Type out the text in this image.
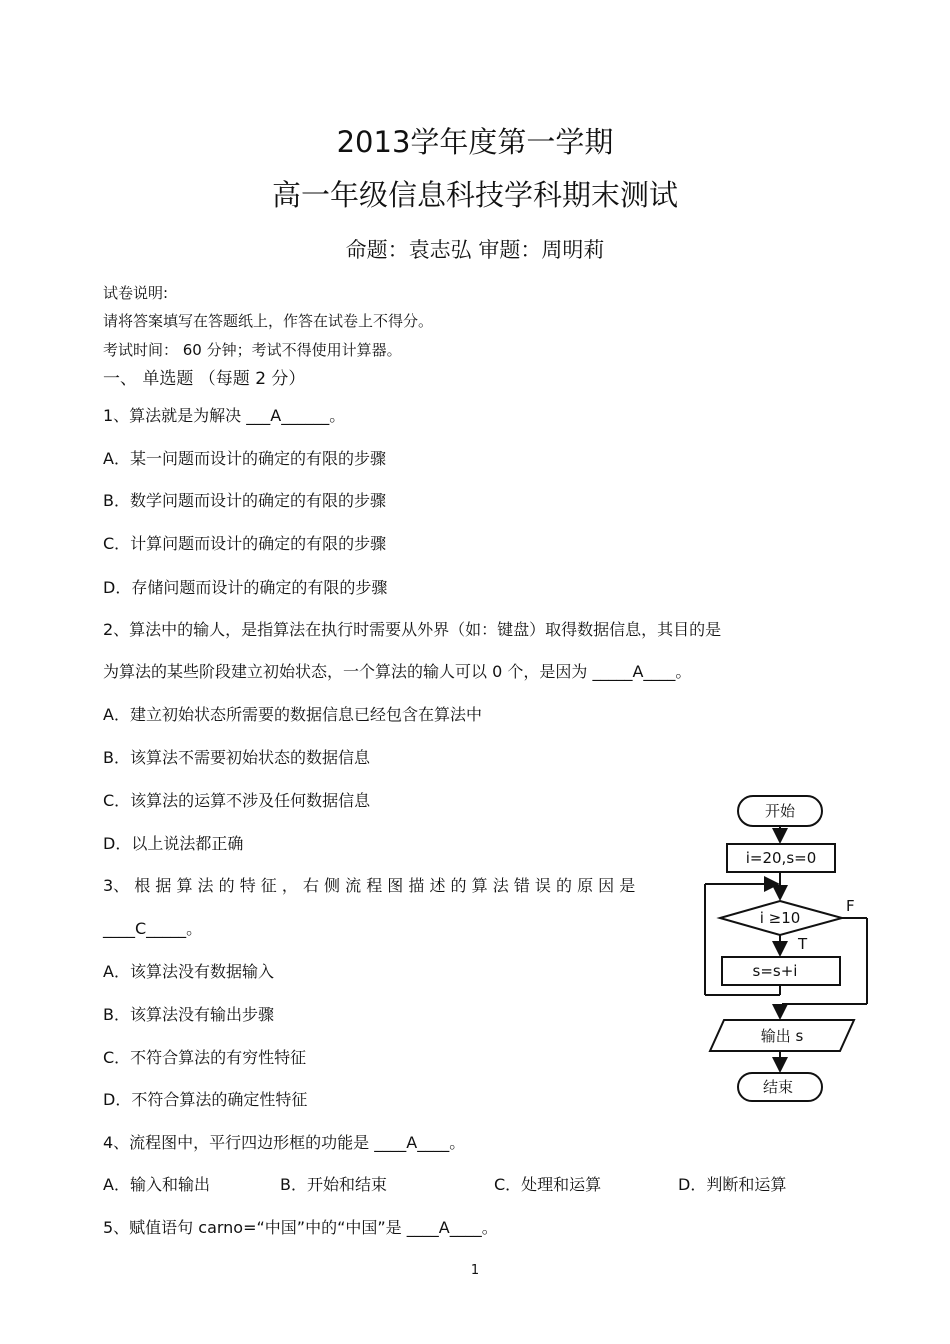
2013学年度第一学期
高一年级信息科技学科期末测试
命题：袁志弘 审题：周明莉
试卷说明:
请将答案填写在答题纸上，作答在试卷上不得分。
考试时间： 60 分钟；考试不得使用计算器。
一、 单选题 （每题 2 分）
1、算法就是为解决 ___A______。
A．某一问题而设计的确定的有限的步骤
B．数学问题而设计的确定的有限的步骤
C．计算问题而设计的确定的有限的步骤
D．存储问题而设计的确定的有限的步骤
2、算法中的输人，是指算法在执行时需要从外界（如：键盘）取得数据信息，其目的是
为算法的某些阶段建立初始状态，一个算法的输人可以 0 个，是因为 _____A____。
A．建立初始状态所需要的数据信息已经包含在算法中
B．该算法不需要初始状态的数据信息
C．该算法的运算不涉及任何数据信息
D．以上说法都正确
3、 根 据 算 法 的 特 征 ， 右 侧 流 程 图 描 述 的 算 法 错 误 的 原 因 是
____C_____。
A．该算法没有数据输入
B．该算法没有输出步骤
C．不符合算法的有穷性特征
D．不符合算法的确定性特征
4、流程图中，平行四边形框的功能是 ____A____。
A．输入和输出	B．开始和结束	C．处理和运算	D．判断和运算
5、赋值语句 carno=“中国”中的“中国”是 ____A____。
开始
i=20,s=0
i ≥10
F
T
s=s+i
输出 s
结束
1
